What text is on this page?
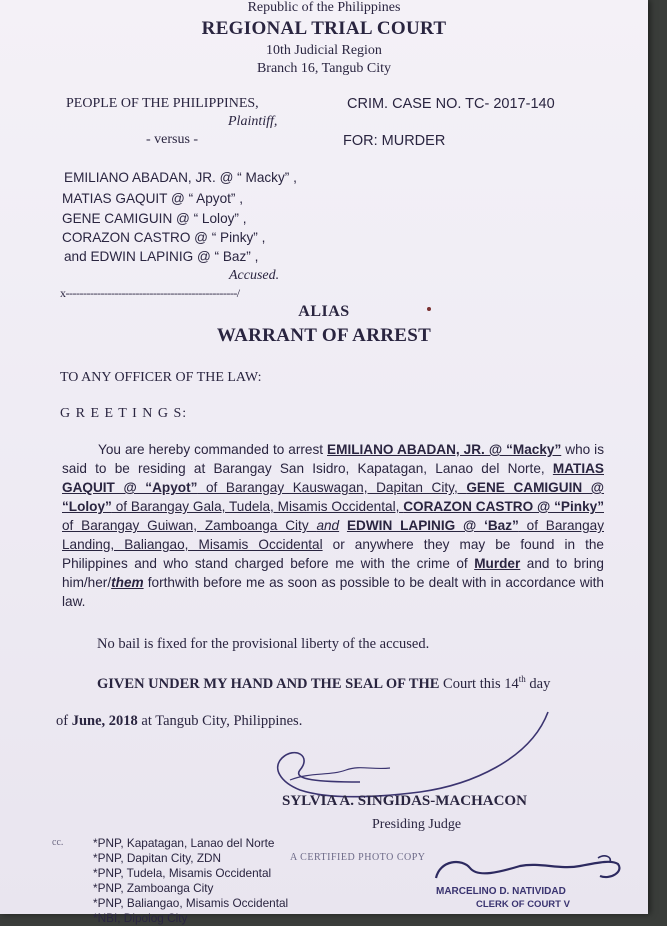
Republic of the Philippines
REGIONAL TRIAL COURT
10th Judicial Region
Branch 16, Tangub City
PEOPLE OF THE PHILIPPINES,
Plaintiff,
- versus -
CRIM. CASE NO. TC- 2017-140
FOR: MURDER
EMILIANO ABADAN, JR. @ “ Macky” ,
MATIAS GAQUIT @ “ Apyot” ,
GENE CAMIGUIN @ “ Loloy” ,
CORAZON CASTRO @ “ Pinky” ,
and EDWIN LAPINIG @ “ Baz” ,
Accused.
x-------------------------------------------------/
ALIAS
WARRANT OF ARREST
TO ANY OFFICER OF THE LAW:
G R E E T I N G S:
You are hereby commanded to arrest EMILIANO ABADAN, JR. @ “Macky” who is said to be residing at Barangay San Isidro, Kapatagan, Lanao del Norte, MATIAS GAQUIT @ “Apyot” of Barangay Kauswagan, Dapitan City, GENE CAMIGUIN @ “Loloy” of Barangay Gala, Tudela, Misamis Occidental, CORAZON CASTRO @ “Pinky” of Barangay Guiwan, Zamboanga City and EDWIN LAPINIG @ ‘Baz” of Barangay Landing, Baliangao, Misamis Occidental or anywhere they may be found in the Philippines and who stand charged before me with the crime of Murder and to bring him/her/them forthwith before me as soon as possible to be dealt with in accordance with law.
No bail is fixed for the provisional liberty of the accused.
GIVEN UNDER MY HAND AND THE SEAL OF THE Court this 14th day
of June, 2018 at Tangub City, Philippines.
SYLVIA A. SINGIDAS-MACHACON
Presiding Judge
cc.	*PNP, Kapatagan, Lanao del Norte
*PNP, Dapitan City, ZDN
*PNP, Tudela, Misamis Occidental
*PNP, Zamboanga City
*PNP, Baliangao, Misamis Occidental
*NBI, Dipolog City
A CERTIFIED PHOTO COPY
MARCELINO D. NATIVIDAD
CLERK OF COURT V
